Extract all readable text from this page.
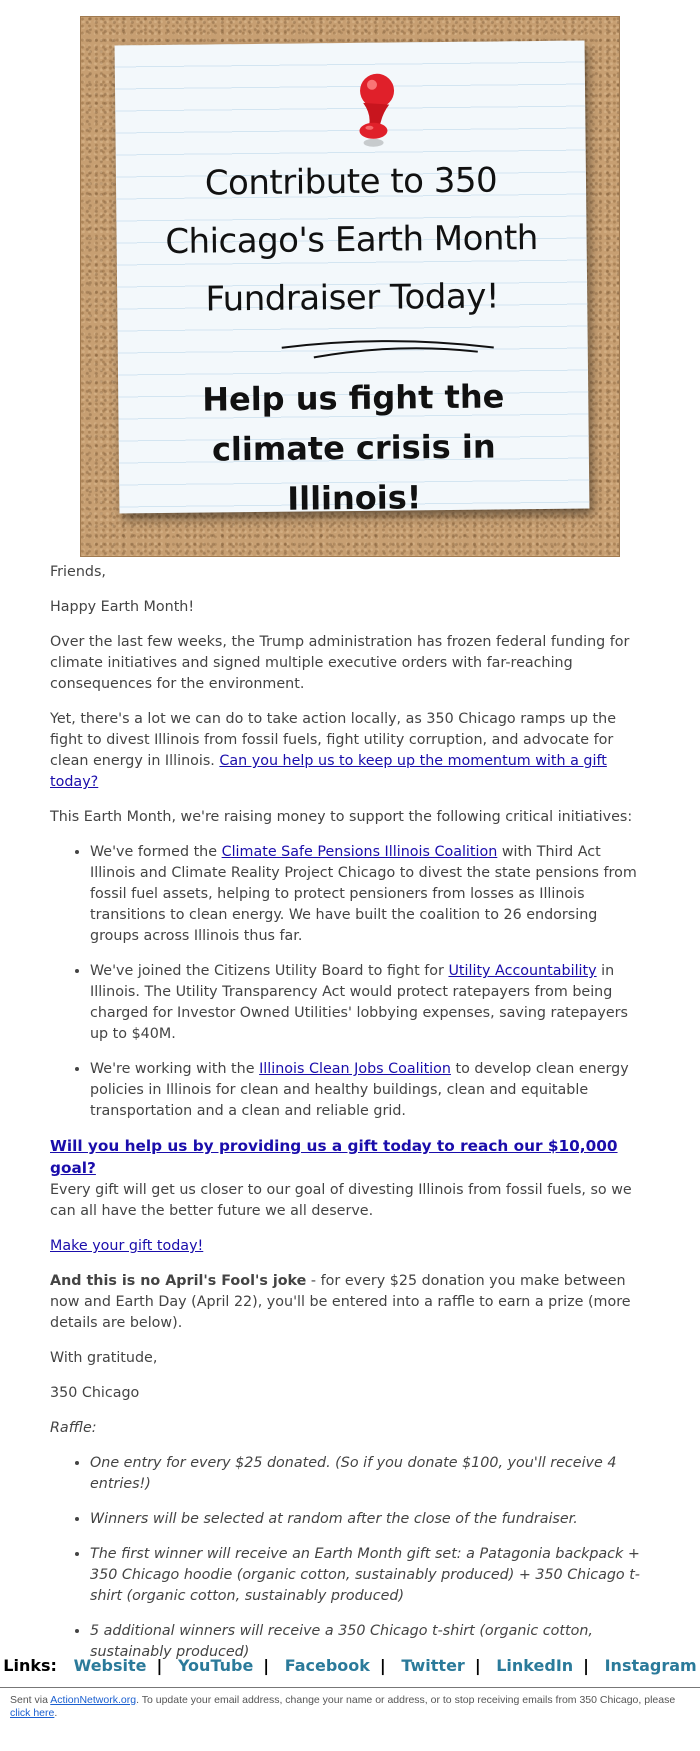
Contribute to 350 Chicago's Earth Month Fundraiser Today!
Help us fight the climate crisis in Illinois!

Friends,

Happy Earth Month!

Over the last few weeks, the Trump administration has frozen federal funding for climate initiatives and signed multiple executive orders with far-reaching consequences for the environment.

Yet, there's a lot we can do to take action locally, as 350 Chicago ramps up the fight to divest Illinois from fossil fuels, fight utility corruption, and advocate for clean energy in Illinois. Can you help us to keep up the momentum with a gift today?

This Earth Month, we're raising money to support the following critical initiatives:

• We've formed the Climate Safe Pensions Illinois Coalition with Third Act Illinois and Climate Reality Project Chicago to divest the state pensions from fossil fuel assets, helping to protect pensioners from losses as Illinois transitions to clean energy. We have built the coalition to 26 endorsing groups across Illinois thus far.
• We've joined the Citizens Utility Board to fight for Utility Accountability in Illinois. The Utility Transparency Act would protect ratepayers from being charged for Investor Owned Utilities' lobbying expenses, saving ratepayers up to $40M.
• We're working with the Illinois Clean Jobs Coalition to develop clean energy policies in Illinois for clean and healthy buildings, clean and equitable transportation and a clean and reliable grid.

Will you help us by providing us a gift today to reach our $10,000 goal?
Every gift will get us closer to our goal of divesting Illinois from fossil fuels, so we can all have the better future we all deserve.

Make your gift today!

And this is no April's Fool's joke - for every $25 donation you make between now and Earth Day (April 22), you'll be entered into a raffle to earn a prize (more details are below).

With gratitude,

350 Chicago

Raffle:

• One entry for every $25 donated. (So if you donate $100, you'll receive 4 entries!)
• Winners will be selected at random after the close of the fundraiser.
• The first winner will receive an Earth Month gift set: a Patagonia backpack + 350 Chicago hoodie (organic cotton, sustainably produced) + 350 Chicago t-shirt (organic cotton, sustainably produced)
• 5 additional winners will receive a 350 Chicago t-shirt (organic cotton, sustainably produced)
Links: Website | YouTube | Facebook | Twitter | LinkedIn | Instagram
Sent via ActionNetwork.org. To update your email address, change your name or address, or to stop receiving emails from 350 Chicago, please click here.
